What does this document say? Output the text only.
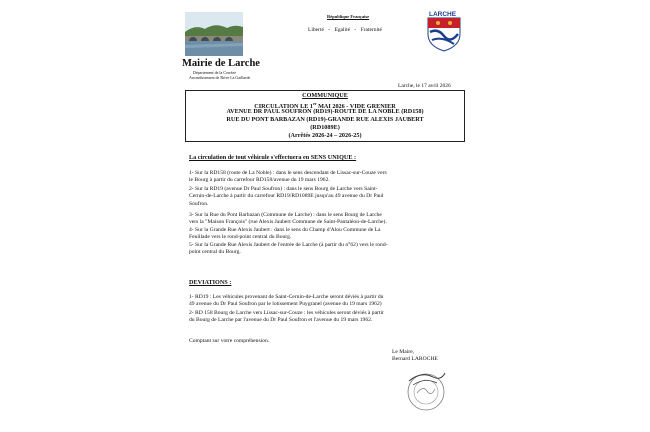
Mairie de Larche
Département de la Corrèze
Arrondissement de Brive La Gaillarde
République Française
Liberté - Egalité - Fraternité
LARCHE
Larche, le 17 avril 2026
COMMUNIQUE
CIRCULATION LE 1er MAI 2026 - VIDE GRENIER
AVENUE DR PAUL SOUFRON (RD19)-ROUTE DE LA NOBLE (RD158)
RUE DU PONT BARBAZAN (RD19)-GRANDE RUE ALEXIS JAUBERT
(RD1089E)
(Arrêtés 2026-24 – 2026-25)
La circulation de tout véhicule s'effectuera en SENS UNIQUE :
1- Sur la RD158 (route de La Noble) : dans le sens descendant de Lissac-sur-Couze vers
le Bourg à partir du carrefour RD158/avenue du 19 mars 1962.
2- Sur la RD19 (avenue Dr Paul Soufron) : dans le sens Bourg de Larche vers Saint-
Cernin-de-Larche à partir du carrefour RD19/RD1089E jusqu'au 49 avenue du Dr Paul
Soufron.
3- Sur la Rue du Pont Barbazan (Commune de Larche) : dans le sens Bourg de Larche
vers la "Maison François" (rue Alexis Jaubert Commune de Saint-Pantaléon-de-Larche).
4- Sur la Grande Rue Alexis Jaubert : dans le sens du Champ d'Alou Commune de La
Feuillade vers le rond-point central du Bourg.
5- Sur la Grande Rue Alexis Jaubert de l'entrée de Larche (à partir du n°62) vers le rond-
point central du Bourg.
DEVIATIONS :
1- RD19 : Les véhicules provenant de Saint-Cernin-de-Larche seront déviés à partir du
49 avenue du Dr Paul Soufron par le lotissement Puygranel (avenue du 19 mars 1962)
2- RD 158 Bourg de Larche vers Lissac-sur-Couze : les véhicules seront déviés à partir
du Bourg de Larche par l'avenue du Dr Paul Soufron et l'avenue du 19 mars 1962.
Comptant sur votre compréhension.
Le Maire,
Bernard LAROCHE
